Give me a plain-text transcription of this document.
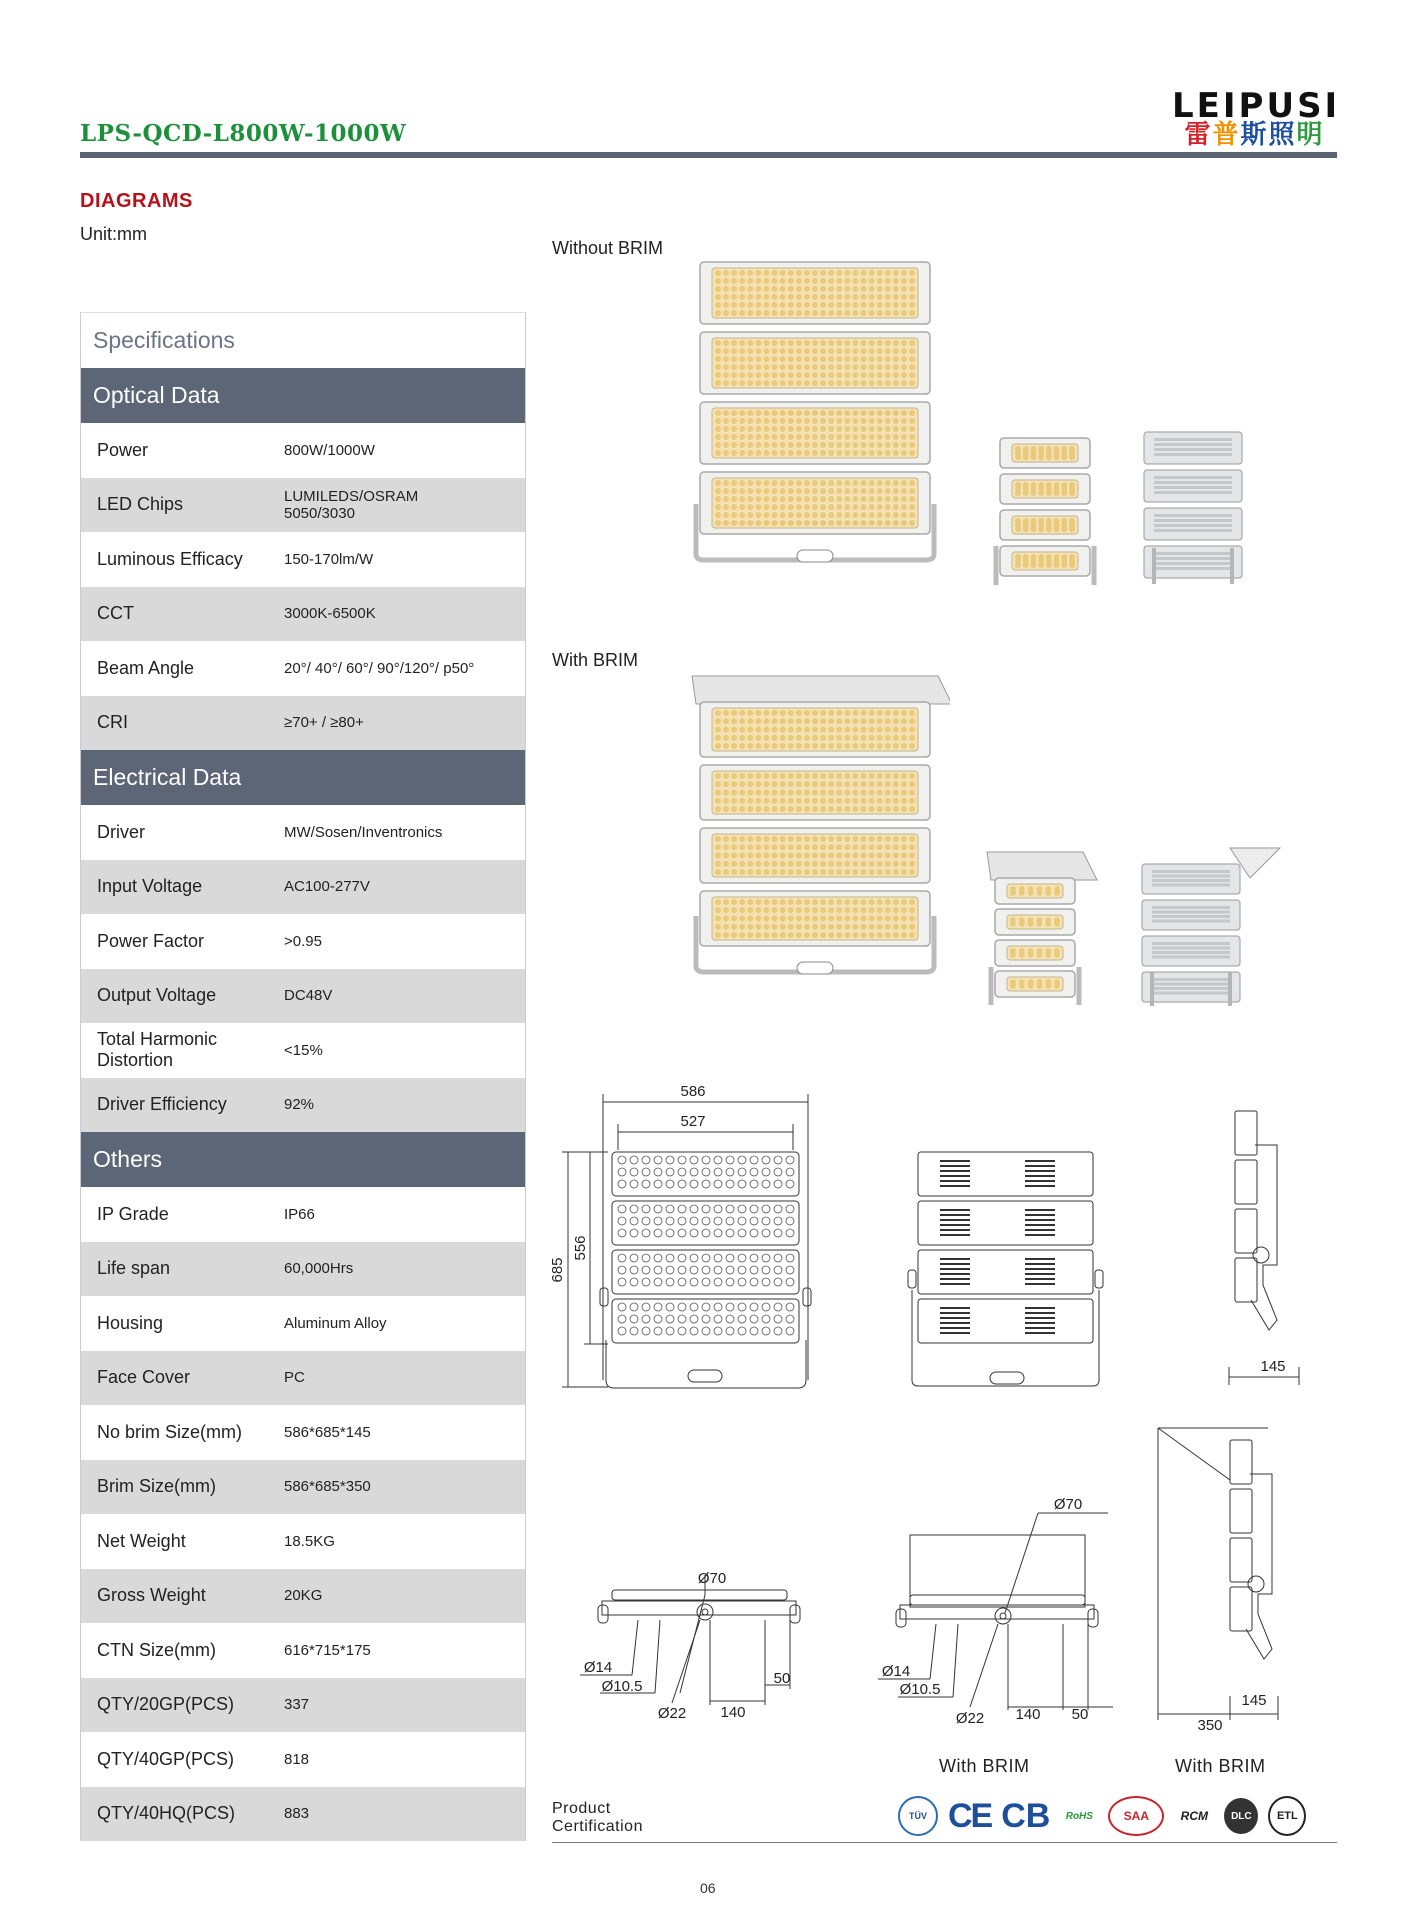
LPS-QCD-L800W-1000W
LEIPUSI
雷普斯照明
DIAGRAMS
Unit:mm
Specifications
Optical Data
Power	800W/1000W
LED Chips	LUMILEDS/OSRAM
5050/3030
Luminous Efficacy	150-170lm/W
CCT	3000K-6500K
Beam Angle	20°/ 40°/ 60°/ 90°/120°/ p50°
CRI	≥70+ / ≥80+
Electrical Data
Driver	MW/Sosen/Inventronics
Input Voltage	AC100-277V
Power Factor	>0.95
Output Voltage	DC48V
Total Harmonic Distortion	<15%
Driver Efficiency	92%
Others
IP Grade	IP66
Life span	60,000Hrs
Housing	Aluminum Alloy
Face Cover	PC
No brim Size(mm)	586*685*145
Brim Size(mm)	586*685*350
Net Weight	18.5KG
Gross Weight	20KG
CTN Size(mm)	616*715*175
QTY/20GP(PCS)	337
QTY/40GP(PCS)	818
QTY/40HQ(PCS)	883
Without BRIM
With BRIM
586
527
685
556
145
Ø70
Ø14
Ø10.5
Ø22 140
50
Ø70
Ø14
Ø10.5
Ø22 140 50
145
350
With BRIM	With BRIM
Product
Certification
TÜV CE CB	RoHS	SAA	RCM	DLC	ETL
06
